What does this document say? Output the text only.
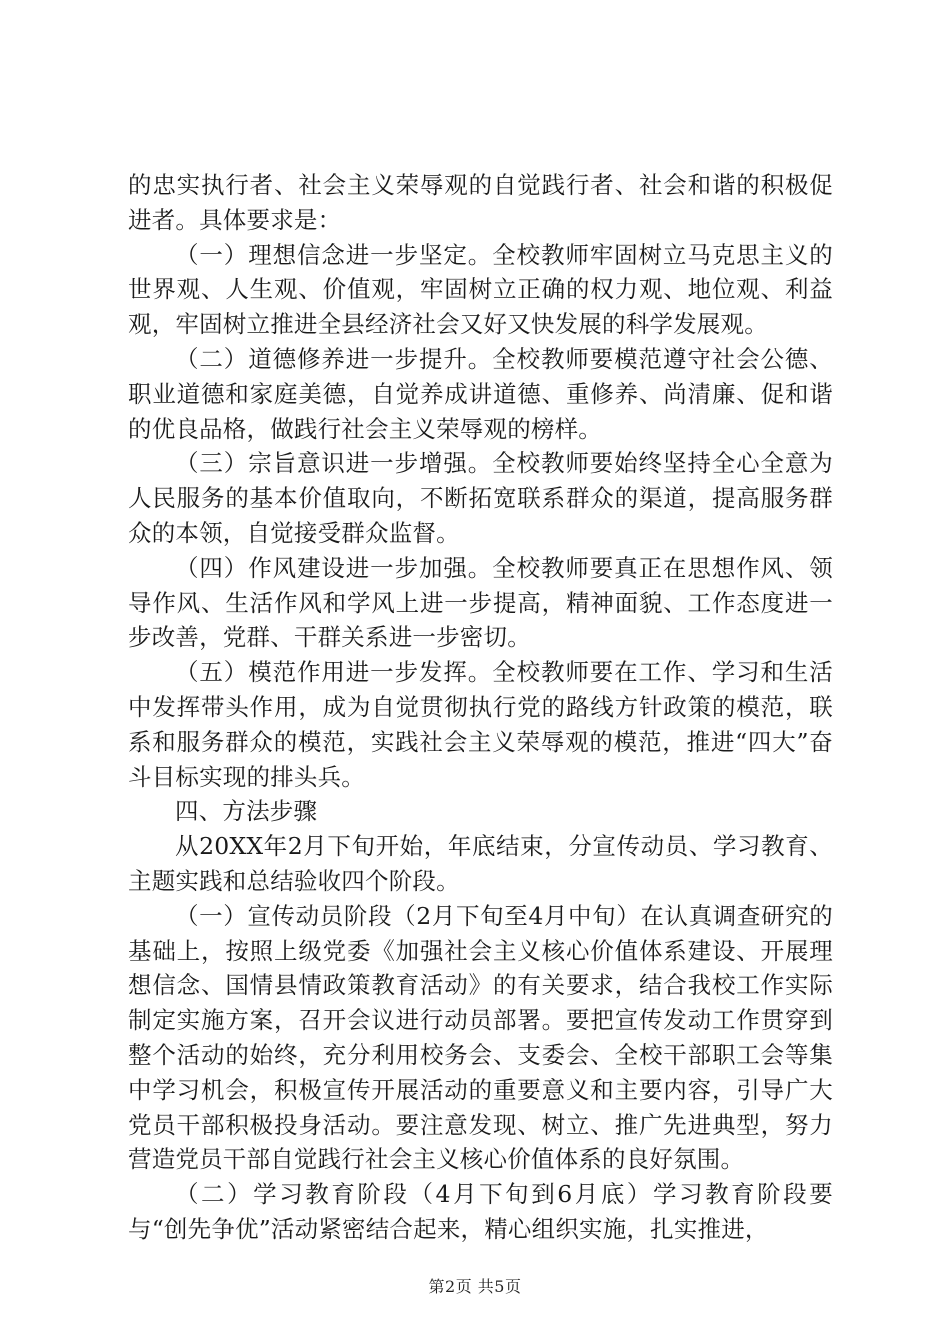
的忠实执行者、社会主义荣辱观的自觉践行者、社会和谐的积极促进者。具体要求是：

（一）理想信念进一步坚定。全校教师牢固树立马克思主义的世界观、人生观、价值观，牢固树立正确的权力观、地位观、利益观，牢固树立推进全县经济社会又好又快发展的科学发展观。

（二）道德修养进一步提升。全校教师要模范遵守社会公德、职业道德和家庭美德，自觉养成讲道德、重修养、尚清廉、促和谐的优良品格，做践行社会主义荣辱观的榜样。

（三）宗旨意识进一步增强。全校教师要始终坚持全心全意为人民服务的基本价值取向，不断拓宽联系群众的渠道，提高服务群众的本领，自觉接受群众监督。

（四）作风建设进一步加强。全校教师要真正在思想作风、领导作风、生活作风和学风上进一步提高，精神面貌、工作态度进一步改善，党群、干群关系进一步密切。

（五）模范作用进一步发挥。全校教师要在工作、学习和生活中发挥带头作用，成为自觉贯彻执行党的路线方针政策的模范，联系和服务群众的模范，实践社会主义荣辱观的模范，推进“四大”奋斗目标实现的排头兵。

四、方法步骤

从20XX年2月下旬开始，年底结束，分宣传动员、学习教育、主题实践和总结验收四个阶段。

（一）宣传动员阶段（2月下旬至4月中旬）在认真调查研究的基础上，按照上级党委《加强社会主义核心价值体系建设、开展理想信念、国情县情政策教育活动》的有关要求，结合我校工作实际制定实施方案，召开会议进行动员部署。要把宣传发动工作贯穿到整个活动的始终，充分利用校务会、支委会、全校干部职工会等集中学习机会，积极宣传开展活动的重要意义和主要内容，引导广大党员干部积极投身活动。要注意发现、树立、推广先进典型，努力营造党员干部自觉践行社会主义核心价值体系的良好氛围。

（二）学习教育阶段（4月下旬到6月底）学习教育阶段要与“创先争优”活动紧密结合起来，精心组织实施，扎实推进，

第2页 共5页
